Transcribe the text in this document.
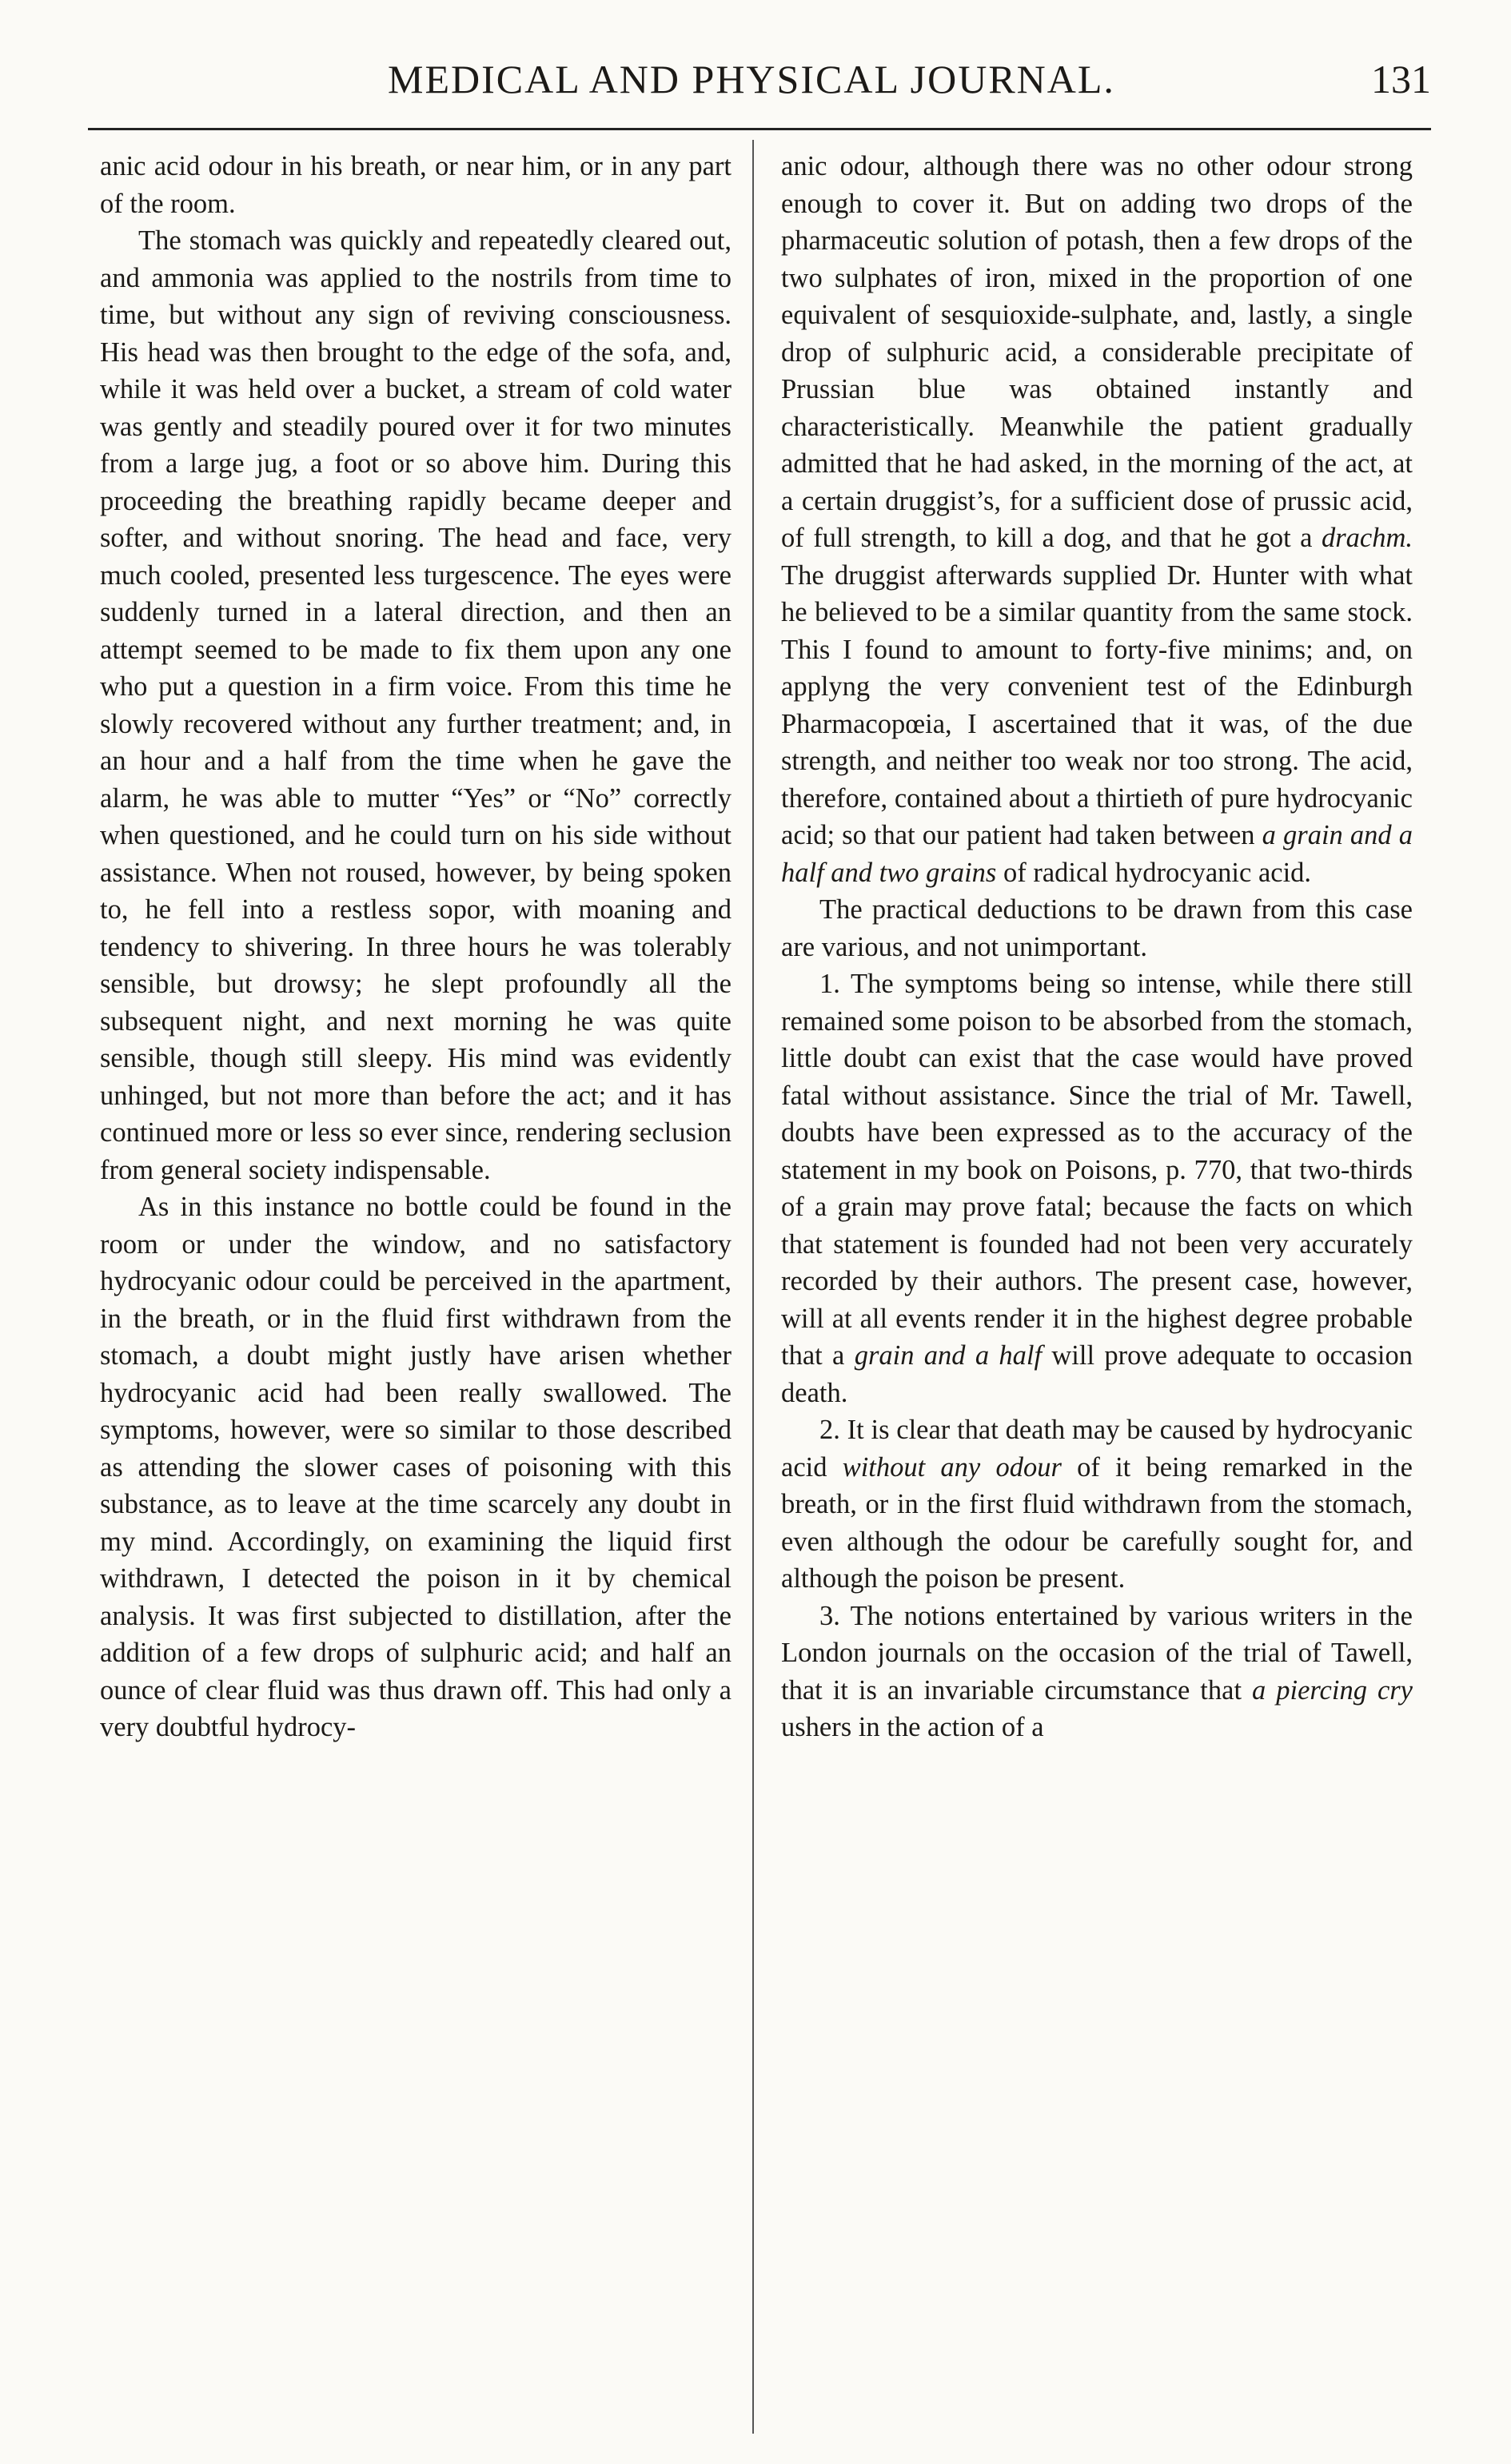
MEDICAL AND PHYSICAL JOURNAL.	131

anic acid odour in his breath, or near him, or in any part of the room.

The stomach was quickly and repeatedly cleared out, and ammonia was applied to the nostrils from time to time, but without any sign of reviving consciousness. His head was then brought to the edge of the sofa, and, while it was held over a bucket, a stream of cold water was gently and steadily poured over it for two minutes from a large jug, a foot or so above him. During this proceeding the breathing rapidly became deeper and softer, and without snoring. The head and face, very much cooled, presented less turgescence. The eyes were suddenly turned in a lateral direction, and then an attempt seemed to be made to fix them upon any one who put a question in a firm voice. From this time he slowly recovered without any further treatment; and, in an hour and a half from the time when he gave the alarm, he was able to mutter “Yes” or “No” correctly when questioned, and he could turn on his side without assistance. When not roused, however, by being spoken to, he fell into a restless sopor, with moaning and tendency to shivering. In three hours he was tolerably sensible, but drowsy; he slept profoundly all the subsequent night, and next morning he was quite sensible, though still sleepy. His mind was evidently unhinged, but not more than before the act; and it has continued more or less so ever since, rendering seclusion from general society indispensable.

As in this instance no bottle could be found in the room or under the window, and no satisfactory hydrocyanic odour could be perceived in the apartment, in the breath, or in the fluid first withdrawn from the stomach, a doubt might justly have arisen whether hydrocyanic acid had been really swallowed. The symptoms, however, were so similar to those described as attending the slower cases of poisoning with this substance, as to leave at the time scarcely any doubt in my mind. Accordingly, on examining the liquid first withdrawn, I detected the poison in it by chemical analysis. It was first subjected to distillation, after the addition of a few drops of sulphuric acid; and half an ounce of clear fluid was thus drawn off. This had only a very doubtful hydrocy-

anic odour, although there was no other odour strong enough to cover it. But on adding two drops of the pharmaceutic solution of potash, then a few drops of the two sulphates of iron, mixed in the proportion of one equivalent of sesquioxide-sulphate, and, lastly, a single drop of sulphuric acid, a considerable precipitate of Prussian blue was obtained instantly and characteristically. Meanwhile the patient gradually admitted that he had asked, in the morning of the act, at a certain druggist’s, for a sufficient dose of prussic acid, of full strength, to kill a dog, and that he got a drachm. The druggist afterwards supplied Dr. Hunter with what he believed to be a similar quantity from the same stock. This I found to amount to forty-five minims; and, on applyng the very convenient test of the Edinburgh Pharmacopœia, I ascertained that it was, of the due strength, and neither too weak nor too strong. The acid, therefore, contained about a thirtieth of pure hydrocyanic acid; so that our patient had taken between a grain and a half and two grains of radical hydrocyanic acid.

The practical deductions to be drawn from this case are various, and not unimportant.

1. The symptoms being so intense, while there still remained some poison to be absorbed from the stomach, little doubt can exist that the case would have proved fatal without assistance. Since the trial of Mr. Tawell, doubts have been expressed as to the accuracy of the statement in my book on Poisons, p. 770, that two-thirds of a grain may prove fatal; because the facts on which that statement is founded had not been very accurately recorded by their authors. The present case, however, will at all events render it in the highest degree probable that a grain and a half will prove adequate to occasion death.

2. It is clear that death may be caused by hydrocyanic acid without any odour of it being remarked in the breath, or in the first fluid withdrawn from the stomach, even although the odour be carefully sought for, and although the poison be present.

3. The notions entertained by various writers in the London journals on the occasion of the trial of Tawell, that it is an invariable circumstance that a piercing cry ushers in the action of a
